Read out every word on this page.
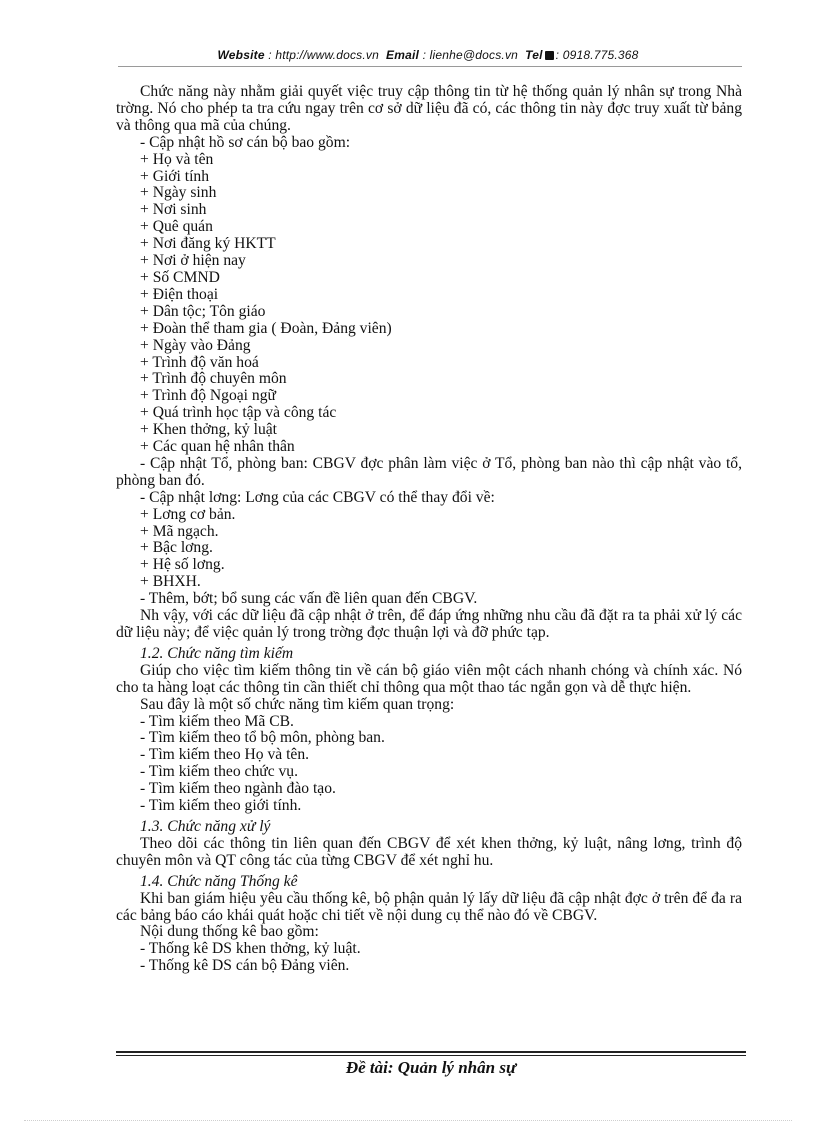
Website : http://www.docs.vn Email : lienhe@docs.vn Tel : 0918.775.368

Chức năng này nhằm giải quyết việc truy cập thông tin từ hệ thống quản lý nhân sự trong Nhà trờng. Nó cho phép ta tra cứu ngay trên cơ sở dữ liệu đã có, các thông tin này đợc truy xuất từ bảng và thông qua mã của chúng.

- Cập nhật hồ sơ cán bộ bao gồm:

+ Họ và tên

+ Giới tính

+ Ngày sinh

+ Nơi sinh

+ Quê quán

+ Nơi đăng ký HKTT

+ Nơi ở hiện nay

+ Số CMND

+ Điện thoại

+ Dân tộc; Tôn giáo

+ Đoàn thể tham gia ( Đoàn, Đảng viên)

+ Ngày vào Đảng

+ Trình độ văn hoá

+ Trình độ chuyên môn

+ Trình độ Ngoại ngữ

+ Quá trình học tập và công tác

+ Khen thởng, kỷ luật

+ Các quan hệ nhân thân

- Cập nhật Tổ, phòng ban: CBGV đợc phân làm việc ở Tổ, phòng ban nào thì cập nhật vào tổ, phòng ban đó.

- Cập nhật lơng: Lơng của các CBGV có thể thay đổi về:

+ Lơng cơ bản.

+ Mã ngạch.

+ Bậc lơng.

+ Hệ số lơng.

+ BHXH.

- Thêm, bớt; bổ sung các vấn đề liên quan đến CBGV.

Nh vậy, với các dữ liệu đã cập nhật ở trên, để đáp ứng những nhu cầu đã đặt ra ta phải xử lý các dữ liệu này; để việc quản lý trong trờng đợc thuận lợi và đỡ phức tạp.

1.2. Chức năng tìm kiếm

Giúp cho việc tìm kiếm thông tin về cán bộ giáo viên một cách nhanh chóng và chính xác. Nó cho ta hàng loạt các thông tin cần thiết chỉ thông qua một thao tác ngắn gọn và dễ thực hiện.

Sau đây là một số chức năng tìm kiếm quan trọng:

- Tìm kiếm theo Mã CB.

- Tìm kiếm theo tổ bộ môn, phòng ban.

- Tìm kiếm theo Họ và tên.

- Tìm kiếm theo chức vụ.

- Tìm kiếm theo ngành đào tạo.

- Tìm kiếm theo giới tính.

1.3. Chức năng xử lý

Theo dõi các thông tin liên quan đến CBGV để xét khen thởng, kỷ luật, nâng lơng, trình độ chuyên môn và QT công tác của từng CBGV để xét nghỉ hu.

1.4. Chức năng Thống kê

Khi ban giám hiệu yêu cầu thống kê, bộ phận quản lý lấy dữ liệu đã cập nhật đợc ở trên để đa ra các bảng báo cáo khái quát hoặc chi tiết về nội dung cụ thể nào đó về CBGV.

Nội dung thống kê bao gồm:

- Thống kê DS khen thởng, kỷ luật.

- Thống kê DS cán bộ Đảng viên.

Đề tài: Quản lý nhân sự
